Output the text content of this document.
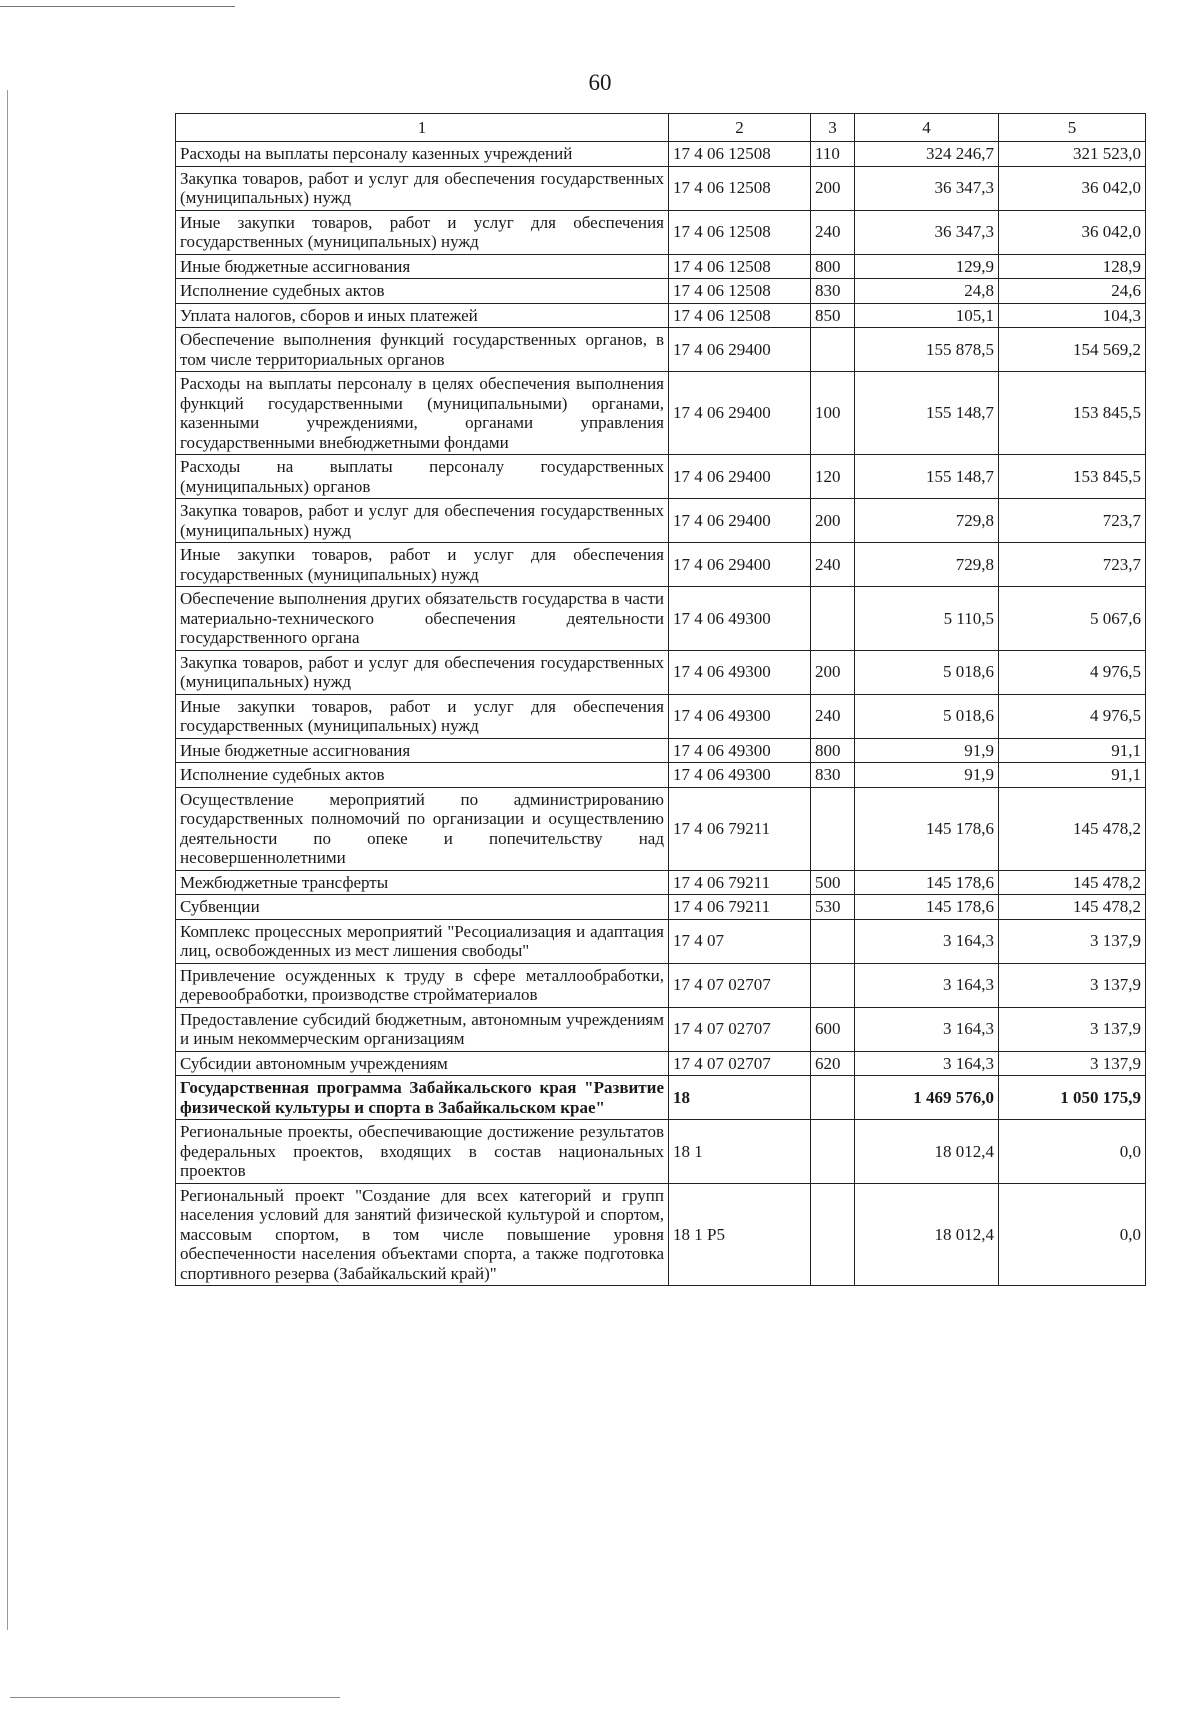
60
1	2	3	4	5
Расходы на выплаты персоналу казенных учреждений	17 4 06 12508	110	324 246,7	321 523,0
Закупка товаров, работ и услуг для обеспечения государственных (муниципальных) нужд	17 4 06 12508	200	36 347,3	36 042,0
Иные закупки товаров, работ и услуг для обеспечения государственных (муниципальных) нужд	17 4 06 12508	240	36 347,3	36 042,0
Иные бюджетные ассигнования	17 4 06 12508	800	129,9	128,9
Исполнение судебных актов	17 4 06 12508	830	24,8	24,6
Уплата налогов, сборов и иных платежей	17 4 06 12508	850	105,1	104,3
Обеспечение выполнения функций государственных органов, в том числе территориальных органов	17 4 06 29400		155 878,5	154 569,2
Расходы на выплаты персоналу в целях обеспечения выполнения функций государственными (муниципальными) органами, казенными учреждениями, органами управления государственными внебюджетными фондами	17 4 06 29400	100	155 148,7	153 845,5
Расходы на выплаты персоналу государственных (муниципальных) органов	17 4 06 29400	120	155 148,7	153 845,5
Закупка товаров, работ и услуг для обеспечения государственных (муниципальных) нужд	17 4 06 29400	200	729,8	723,7
Иные закупки товаров, работ и услуг для обеспечения государственных (муниципальных) нужд	17 4 06 29400	240	729,8	723,7
Обеспечение выполнения других обязательств государства в части материально-технического обеспечения деятельности государственного органа	17 4 06 49300		5 110,5	5 067,6
Закупка товаров, работ и услуг для обеспечения государственных (муниципальных) нужд	17 4 06 49300	200	5 018,6	4 976,5
Иные закупки товаров, работ и услуг для обеспечения государственных (муниципальных) нужд	17 4 06 49300	240	5 018,6	4 976,5
Иные бюджетные ассигнования	17 4 06 49300	800	91,9	91,1
Исполнение судебных актов	17 4 06 49300	830	91,9	91,1
Осуществление мероприятий по администрированию государственных полномочий по организации и осуществлению деятельности по опеке и попечительству над несовершеннолетними	17 4 06 79211		145 178,6	145 478,2
Межбюджетные трансферты	17 4 06 79211	500	145 178,6	145 478,2
Субвенции	17 4 06 79211	530	145 178,6	145 478,2
Комплекс процессных мероприятий "Ресоциализация и адаптация лиц, освобожденных из мест лишения свободы"	17 4 07		3 164,3	3 137,9
Привлечение осужденных к труду в сфере металлообработки, деревообработки, производстве стройматериалов	17 4 07 02707		3 164,3	3 137,9
Предоставление субсидий бюджетным, автономным учреждениям и иным некоммерческим организациям	17 4 07 02707	600	3 164,3	3 137,9
Субсидии автономным учреждениям	17 4 07 02707	620	3 164,3	3 137,9
Государственная программа Забайкальского края "Развитие физической культуры и спорта в Забайкальском крае"	18		1 469 576,0	1 050 175,9
Региональные проекты, обеспечивающие достижение результатов федеральных проектов, входящих в состав национальных проектов	18 1		18 012,4	0,0
Региональный проект "Создание для всех категорий и групп населения условий для занятий физической культурой и спортом, массовым спортом, в том числе повышение уровня обеспеченности населения объектами спорта, а также подготовка спортивного резерва (Забайкальский край)"	18 1 Р5		18 012,4	0,0
